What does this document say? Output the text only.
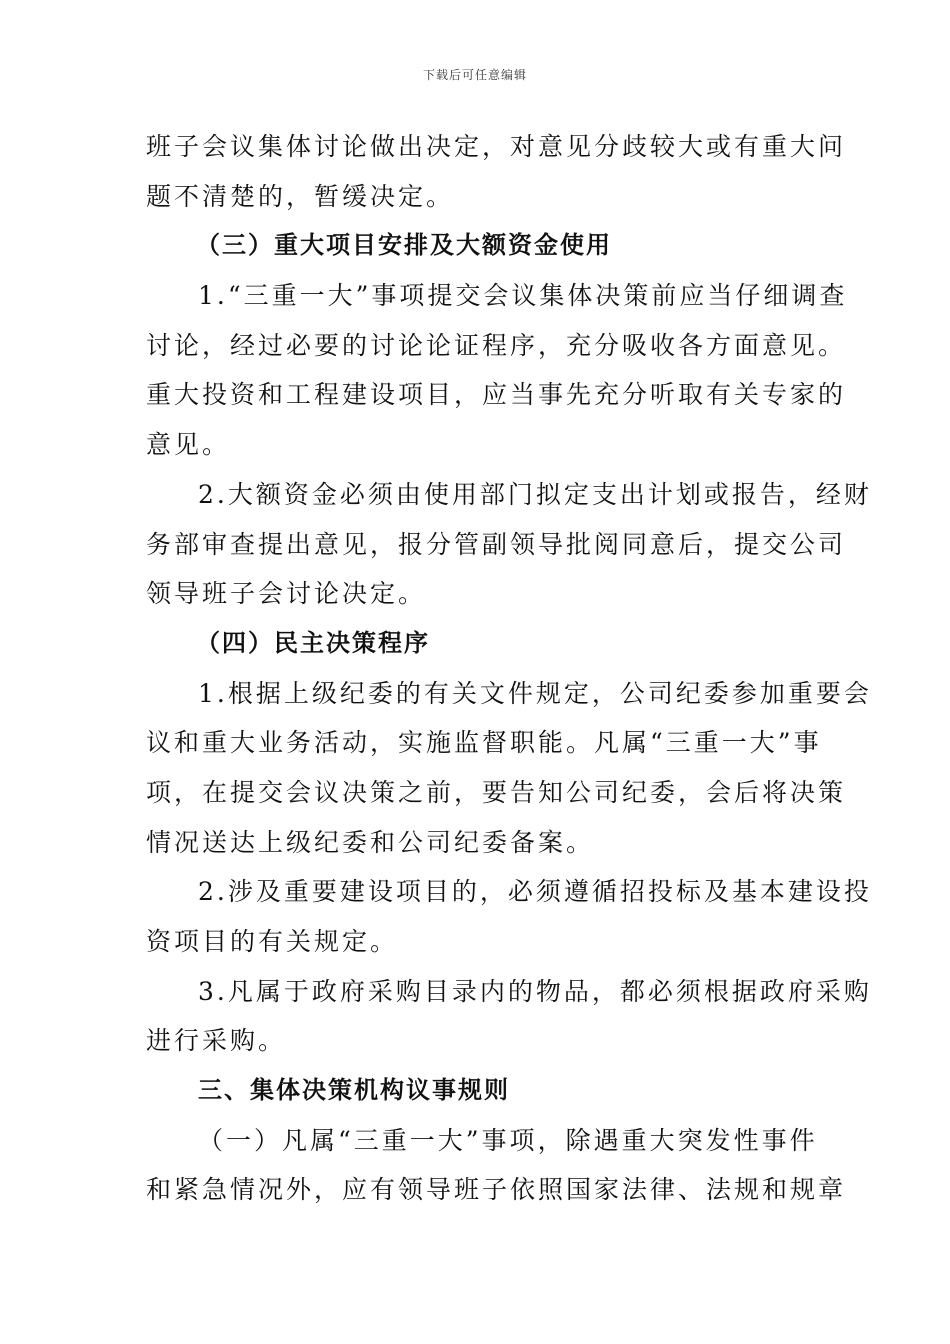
下载后可任意编辑
班子会议集体讨论做出决定，对意见分歧较大或有重大问
题不清楚的，暂缓决定。
（三）重大项目安排及大额资金使用
1.“三重一大”事项提交会议集体决策前应当仔细调查
讨论，经过必要的讨论论证程序，充分吸收各方面意见。
重大投资和工程建设项目，应当事先充分听取有关专家的
意见。
2.大额资金必须由使用部门拟定支出计划或报告，经财
务部审查提出意见，报分管副领导批阅同意后，提交公司
领导班子会讨论决定。
（四）民主决策程序
1.根据上级纪委的有关文件规定，公司纪委参加重要会
议和重大业务活动，实施监督职能。凡属“三重一大”事
项，在提交会议决策之前，要告知公司纪委，会后将决策
情况送达上级纪委和公司纪委备案。
2.涉及重要建设项目的，必须遵循招投标及基本建设投
资项目的有关规定。
3.凡属于政府采购目录内的物品，都必须根据政府采购
进行采购。
三、集体决策机构议事规则
（一）凡属“三重一大”事项，除遇重大突发性事件
和紧急情况外，应有领导班子依照国家法律、法规和规章
